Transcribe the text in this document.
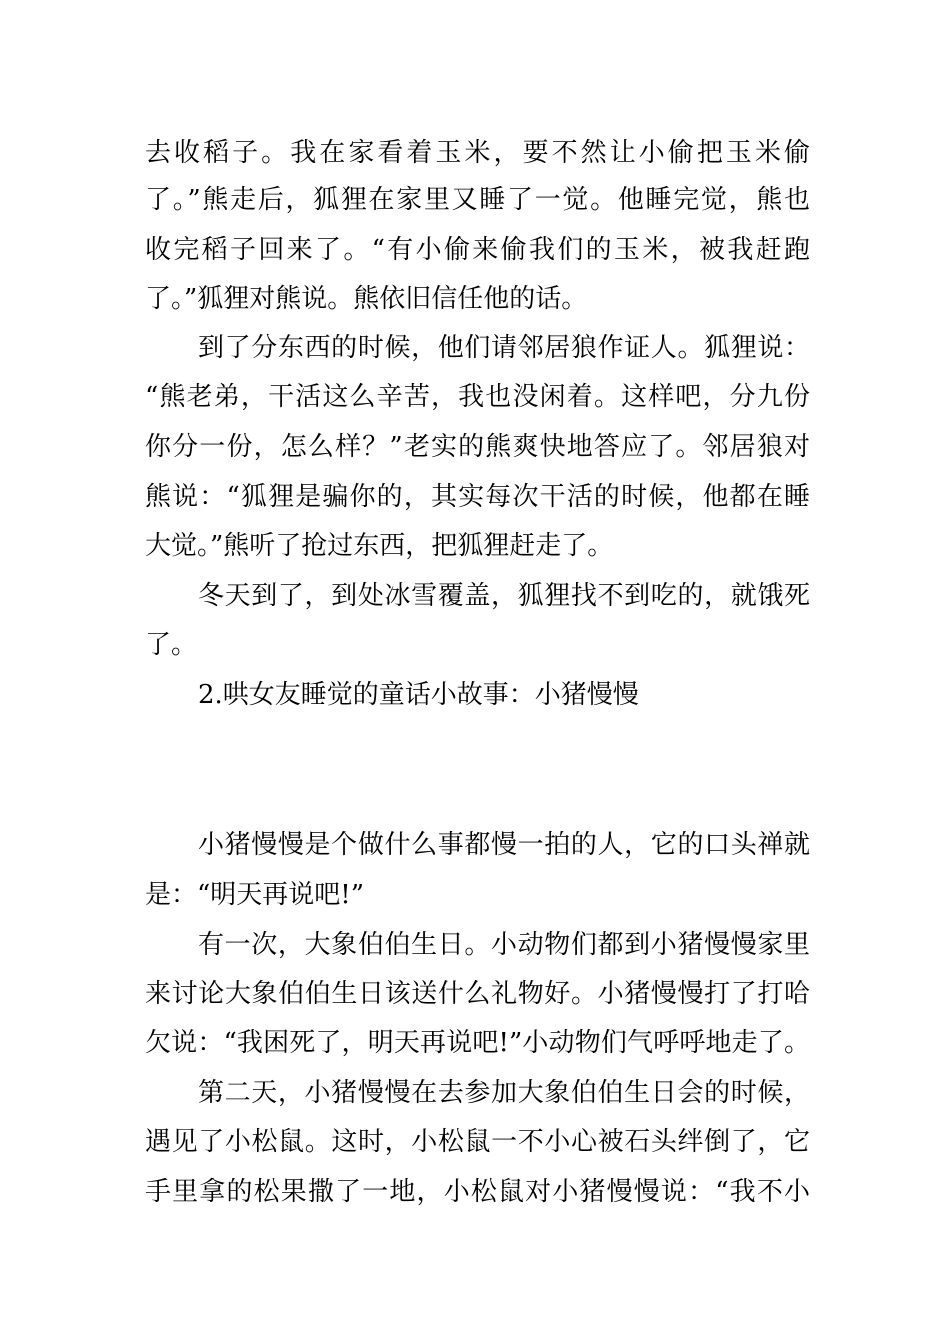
去收稻子。我在家看着玉米，要不然让小偷把玉米偷
了。”熊走后，狐狸在家里又睡了一觉。他睡完觉，熊也
收完稻子回来了。“有小偷来偷我们的玉米，被我赶跑
了。”狐狸对熊说。熊依旧信任他的话。
到了分东西的时候，他们请邻居狼作证人。狐狸说：
“熊老弟，干活这么辛苦，我也没闲着。这样吧，分九份
你分一份，怎么样？”老实的熊爽快地答应了。邻居狼对
熊说：“狐狸是骗你的，其实每次干活的时候，他都在睡
大觉。”熊听了抢过东西，把狐狸赶走了。
冬天到了，到处冰雪覆盖，狐狸找不到吃的，就饿死
了。
2.哄女友睡觉的童话小故事：小猪慢慢
小猪慢慢是个做什么事都慢一拍的人，它的口头禅就
是：“明天再说吧!”
有一次，大象伯伯生日。小动物们都到小猪慢慢家里
来讨论大象伯伯生日该送什么礼物好。小猪慢慢打了打哈
欠说：“我困死了，明天再说吧!”小动物们气呼呼地走了。
第二天，小猪慢慢在去参加大象伯伯生日会的时候，
遇见了小松鼠。这时，小松鼠一不小心被石头绊倒了，它
手里拿的松果撒了一地，小松鼠对小猪慢慢说：“我不小
